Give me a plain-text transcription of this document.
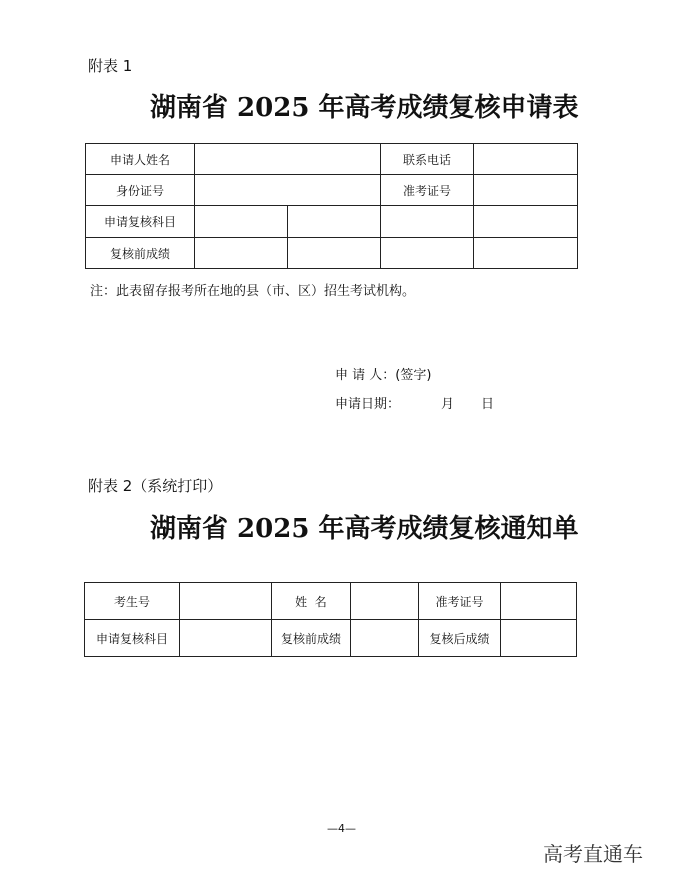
附表 1
湖南省 2025 年高考成绩复核申请表
申请人姓名			联系电话	
身份证号			准考证号	
申请复核科目				
复核前成绩				
注：此表留存报考所在地的县（市、区）招生考试机构。
申 请 人：(签字)
申请日期：	月 日
附表 2（系统打印）
湖南省 2025 年高考成绩复核通知单
考生号		姓  名		准考证号	
申请复核科目		复核前成绩		复核后成绩	
—4—
高考直通车
